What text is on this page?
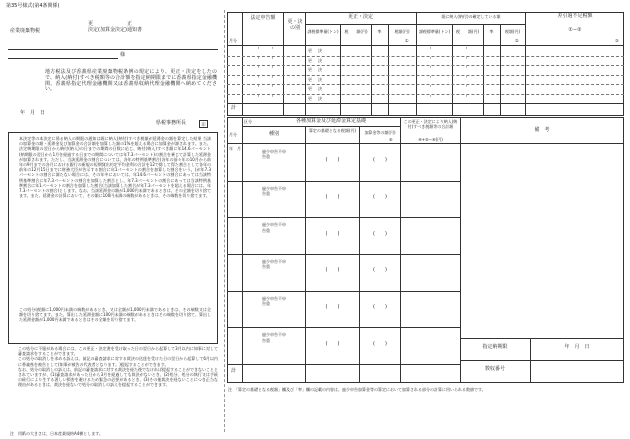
第35号様式(第4条関係)
産業廃棄物税
更
決定(加算金決定)
正
通知書
様
地方税法及び香義県産業廃棄物税条例の規定により、更正・決定をしたので、納入(納付)すべき税額等の合計額を指定納期限までに香義県指定金融機関、香義県指定代理金融機関又は香義県収納代理金融機関へ納めてください。
年　月　日
県税事務所長	印
本決定等の本決定に係る納入の期限の通知は既に納入(納付)すべき税額が延滞金の額を算定した結果 当該の加算金の額・延滞金及び加算金の合計額を加算した額の1%を超える場合に加算金が課されます。また、法定納期限の翌日から納付(納入)の日までの期間の日数に応じ、納付(納入)すべき額に年14.6パーセント(納期限の翌日から1月を経過する日までの期間については年7.3パーセント)の割合を乗じて計算した延滞金が加算されます。ただし、当該延滞金の割合については、各年の特例基準割合(各年の前々年の10月から前年の9月までの各月における銀行の新規の短期貸出約定平均金利の合計を12で除して得た割合として各年の前年の12月15日までに財務大臣が告示する割合に年1パーセントの割合を加算した割合をいう。)が年7.3パーセントの割合に満たない場合には、その年中においては、年14.6パーセントの割合にあっては当該特例基準割合に年7.3パーセントの割合を加算した割合とし、年7.3パーセントの割合にあっては当該特例基準割合に年1パーセントの割合を加算した割合(当該加算した割合が年7.3パーセントを超える場合には、年7.3パーセントの割合)とします。なお、当該延滞金の額が1,000円未満であるときは、その全額を切り捨てます。また、延滞金の計算において、その額に100円未満の端数があるときは、その端数を切り捨てます。
この処分(税額に1,000円未満の端数があるとき、又は全額が1,000円未満であるときは、その端数又は全額を切り捨てます。また、算出した延滞金額に100円未満の端数があるときはその端数を切り捨て、算出した延滞金額が1,000円未満であるときはその全額を切り捨てます。
この処分に不服がある場合には、この更正・決定書を受け取った日の翌日から起算して3月以内に知事に対して審査請求をすることができます。
この処分の取消しを求める訴えは、前記の審査請求に対する裁決の送達を受けた日の翌日から起算して6月以内に香義県を被告として(知事が被告の代表者となります。)提起することができます。
なお、処分の取消しの訴えは、前記の審査請求に対する裁決を経た後でなければ提起することができないこととされていますが、(1)審査請求があった日から3月を経過しても裁決がないとき、(2)処分、処分の執行又は手続の続行により生ずる著しい損害を避けるため緊急の必要があるとき、(3)その他裁決を経ないことにつき正当な理由があるときは、裁決を経ないで処分の取消しの訴えを提起することができます。
注　用紙の大きさは、日本産業規格A4横とします。
月分
法定申告額
更・決の別
更正・決定
課税標準量(トン)	税　　額(円)	率	税額(円)
既に納入(納付)の確定している額
課税標準量(トン)	税　　額(円)	率	税額(円)
差引過不足税額
①−②
①	②	③
・ ・	更 決	・	・
・ ・	更 決	・	・
・ ・	更 決	・	・
・ ・	更 決	・	・
・ ・	更 決	・	・
・ ・	更 決	・	・
計
区分
月分
各種加算金及び延滞金算定基礎
種別
算定の基礎となる税額(円)	加算金等の額(円)
⑥
この更正・決定により納入(納付)すべき税額等の合計額
④+⑤−⑥(円)
備　考
年　月
過少申告不申告重
(　　)	(　　)
過少申告不申告重
(　　)	(　　)
過少申告不申告重
(　　)	(　　)
過少申告不申告重
(　　)	(　　)
過少申告不申告重
(　　)	(　　)
過少申告不申告重
(　　)	(　　)
計
指定納期限	年　月　日
数収番号
注　「算定の基礎となる税額」欄及び「率」欄の記載の内容は、過少申告加算金等の算定において加算される部分の計算に用いられる数値です。
